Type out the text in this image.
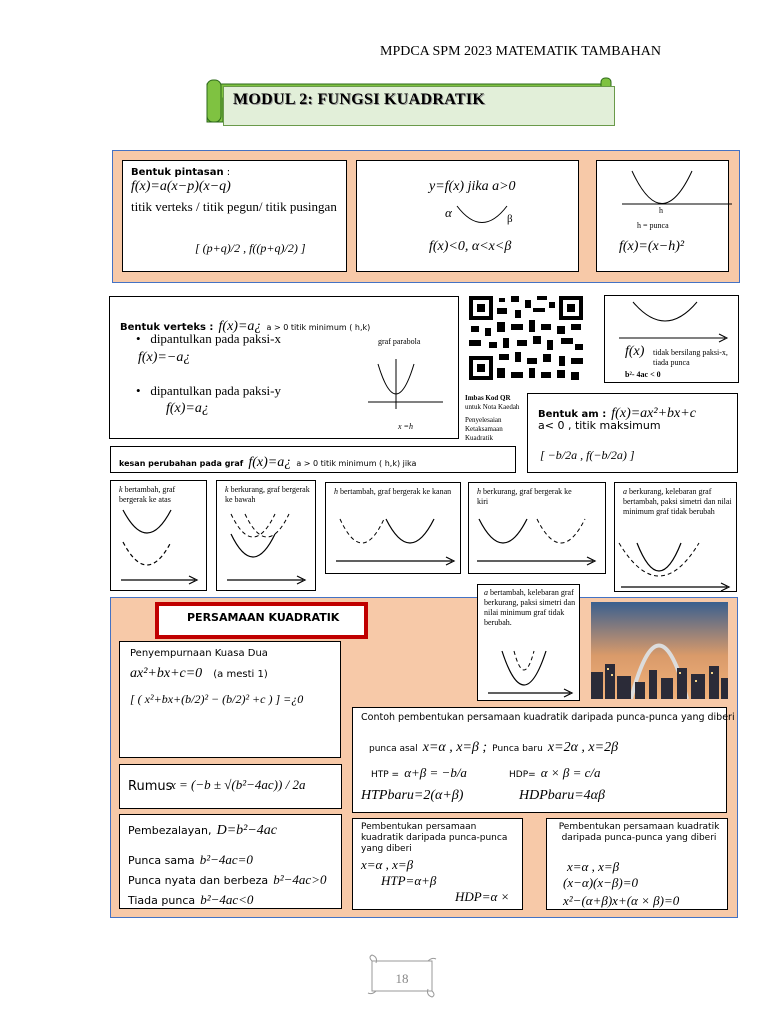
MPDCA SPM 2023 MATEMATIK TAMBAHAN
MODUL 2: FUNGSI KUADRATIK
Bentuk pintasan :
f(x)=a(x−p)(x−q)
titik verteks / titik pegun/ titik pusingan
[ (p+q)/2 , f((p+q)/2) ]
y=f(x) jika a>0
α	β
f(x)<0, α<x<β
h
h = punca
f(x)=(x−h)²
Bentuk verteks : f(x)=a¿ a > 0 titik minimum ( h,k)
•   dipantulkan pada paksi-x
f(x)=−a¿
•   dipantulkan pada paksi-y
f(x)=a¿
graf parabola
x =h
Imbas Kod QR
untuk Nota Kaedah
Penyelesaian
Ketaksamaan
Kuadratik
f(x) tidak bersilang paksi-x, tiada punca
b²- 4ac < 0
Bentuk am : f(x)=ax²+bx+c
a< 0 , titik maksimum
[ −b/2a , f(−b/2a) ]
kesan perubahan pada graf f(x)=a¿ a > 0 titik minimum ( h,k) jika
k bertambah, graf bergerak ke atas
k berkurang, graf bergerak ke bawah
h bertambah, graf bergerak ke kanan	h berkurang, graf bergerak ke kiri
a berkurang, kelebaran graf bertambah, paksi simetri dan nilai minimum graf tidak berubah
a bertambah, kelebaran graf berkurang, paksi simetri dan nilai minimum graf tidak berubah.
PERSAMAAN KUADRATIK
Penyempurnaan Kuasa Dua
ax²+bx+c=0 (a mesti 1)
[ ( x²+bx+(b/2)² − (b/2)² +c ) ] =¿0
Rumus
x = (−b ± √(b²−4ac)) / 2a
Pembezalayan, D=b²−4ac
Punca sama b²−4ac=0
Punca nyata dan berbeza b²−4ac>0
Tiada punca b²−4ac<0
Contoh pembentukan persamaan kuadratik daripada punca-punca yang diberi
punca asal x=α , x=β ; Punca baru x=2α , x=2β
HTP = α+β = −b/a	HDP= α × β = c/a
HTPbaru=2(α+β)	HDPbaru=4αβ
Pembentukan persamaan kuadratik daripada punca-punca yang diberi
x=α , x=β
HTP=α+β
HDP=α ×
Pembentukan persamaan kuadratik daripada punca-punca yang diberi
x=α , x=β
(x−α)(x−β)=0
x²−(α+β)x+(α × β)=0
18
